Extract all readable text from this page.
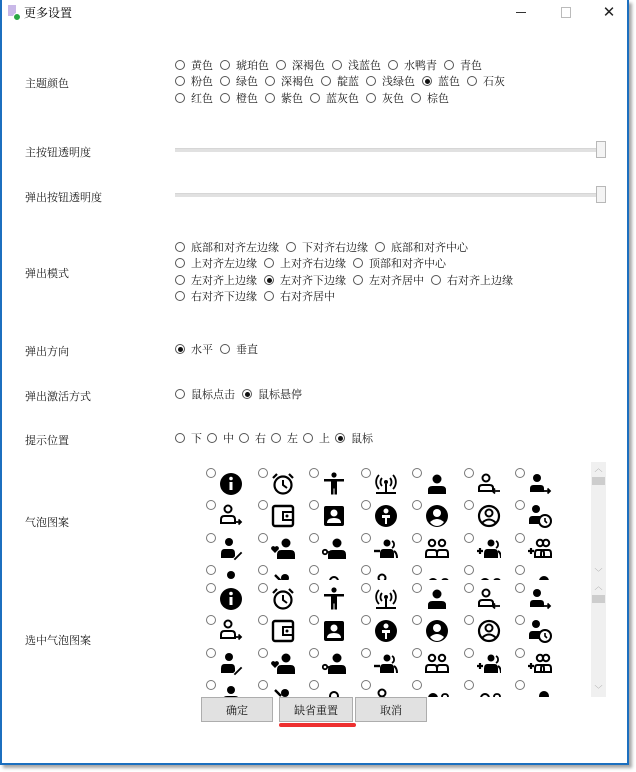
更多设置	✕
主题颜色
黄色 琥珀色 深褐色 浅蓝色 水鸭青 青色
粉色 绿色 深褐色 靛蓝 浅绿色 蓝色 石灰
红色 橙色 紫色 蓝灰色 灰色 棕色
主按钮透明度
弹出按钮透明度
弹出模式
底部和对齐左边缘 下对齐右边缘 底部和对齐中心
上对齐左边缘 上对齐右边缘 顶部和对齐中心
左对齐上边缘 左对齐下边缘 左对齐居中 右对齐上边缘
右对齐下边缘 右对齐居中
弹出方向	水平 垂直
弹出激活方式	鼠标点击 鼠标悬停
提示位置	下 中 右 左 上 鼠标
气泡图案
︿
﹀
选中气泡图案
︿
﹀
确定	缺省重置	取消
